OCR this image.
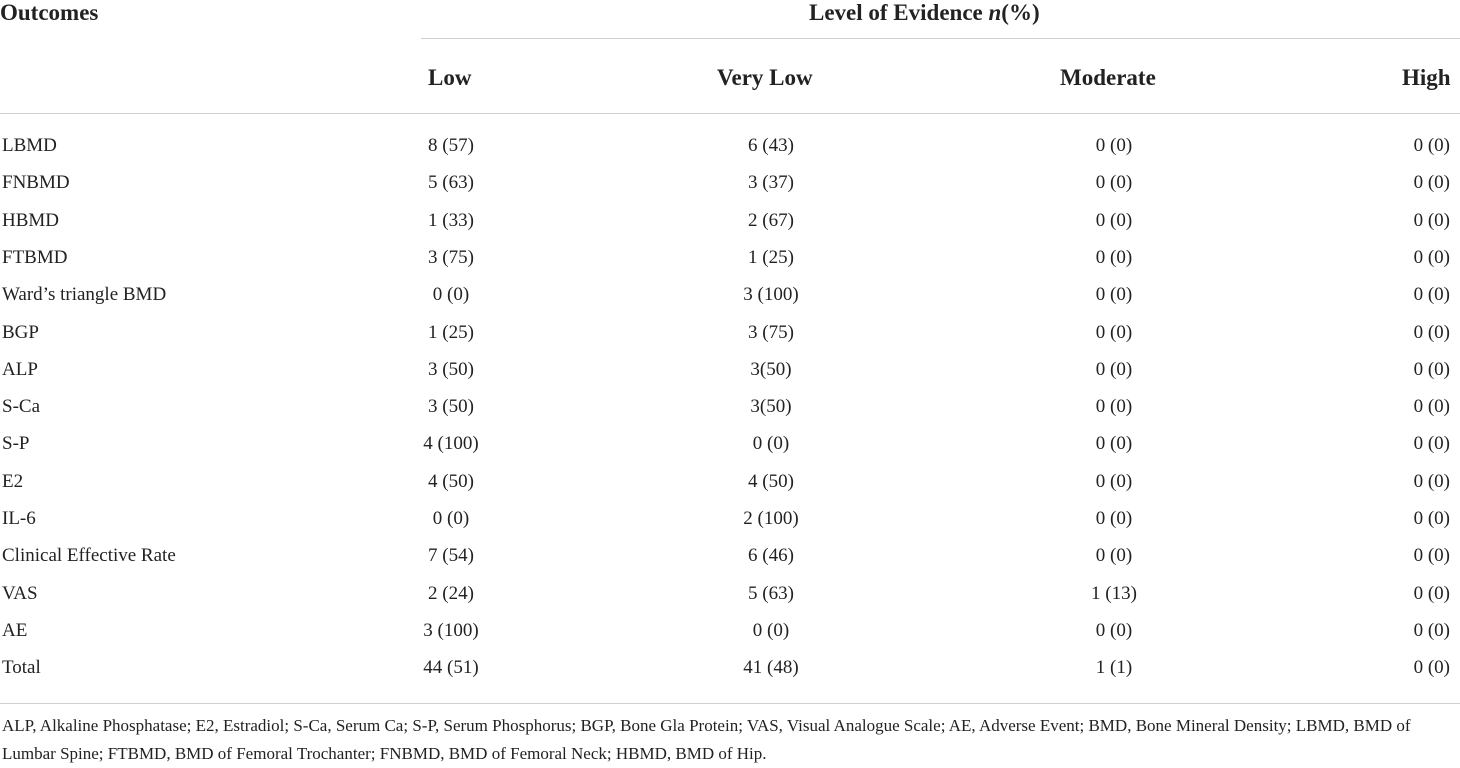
Outcomes	Level of Evidence n(%)
Low	Very Low	Moderate	High
LBMD	8 (57)	6 (43)	0 (0)	0 (0)
FNBMD	5 (63)	3 (37)	0 (0)	0 (0)
HBMD	1 (33)	2 (67)	0 (0)	0 (0)
FTBMD	3 (75)	1 (25)	0 (0)	0 (0)
Ward’s triangle BMD	0 (0)	3 (100)	0 (0)	0 (0)
BGP	1 (25)	3 (75)	0 (0)	0 (0)
ALP	3 (50)	3(50)	0 (0)	0 (0)
S-Ca	3 (50)	3(50)	0 (0)	0 (0)
S-P	4 (100)	0 (0)	0 (0)	0 (0)
E2	4 (50)	4 (50)	0 (0)	0 (0)
IL-6	0 (0)	2 (100)	0 (0)	0 (0)
Clinical Effective Rate	7 (54)	6 (46)	0 (0)	0 (0)
VAS	2 (24)	5 (63)	1 (13)	0 (0)
AE	3 (100)	0 (0)	0 (0)	0 (0)
Total	44 (51)	41 (48)	1 (1)	0 (0)
ALP, Alkaline Phosphatase; E2, Estradiol; S-Ca, Serum Ca; S-P, Serum Phosphorus; BGP, Bone Gla Protein; VAS, Visual Analogue Scale; AE, Adverse Event; BMD, Bone Mineral Density; LBMD, BMD of Lumbar Spine; FTBMD, BMD of Femoral Trochanter; FNBMD, BMD of Femoral Neck; HBMD, BMD of Hip.
